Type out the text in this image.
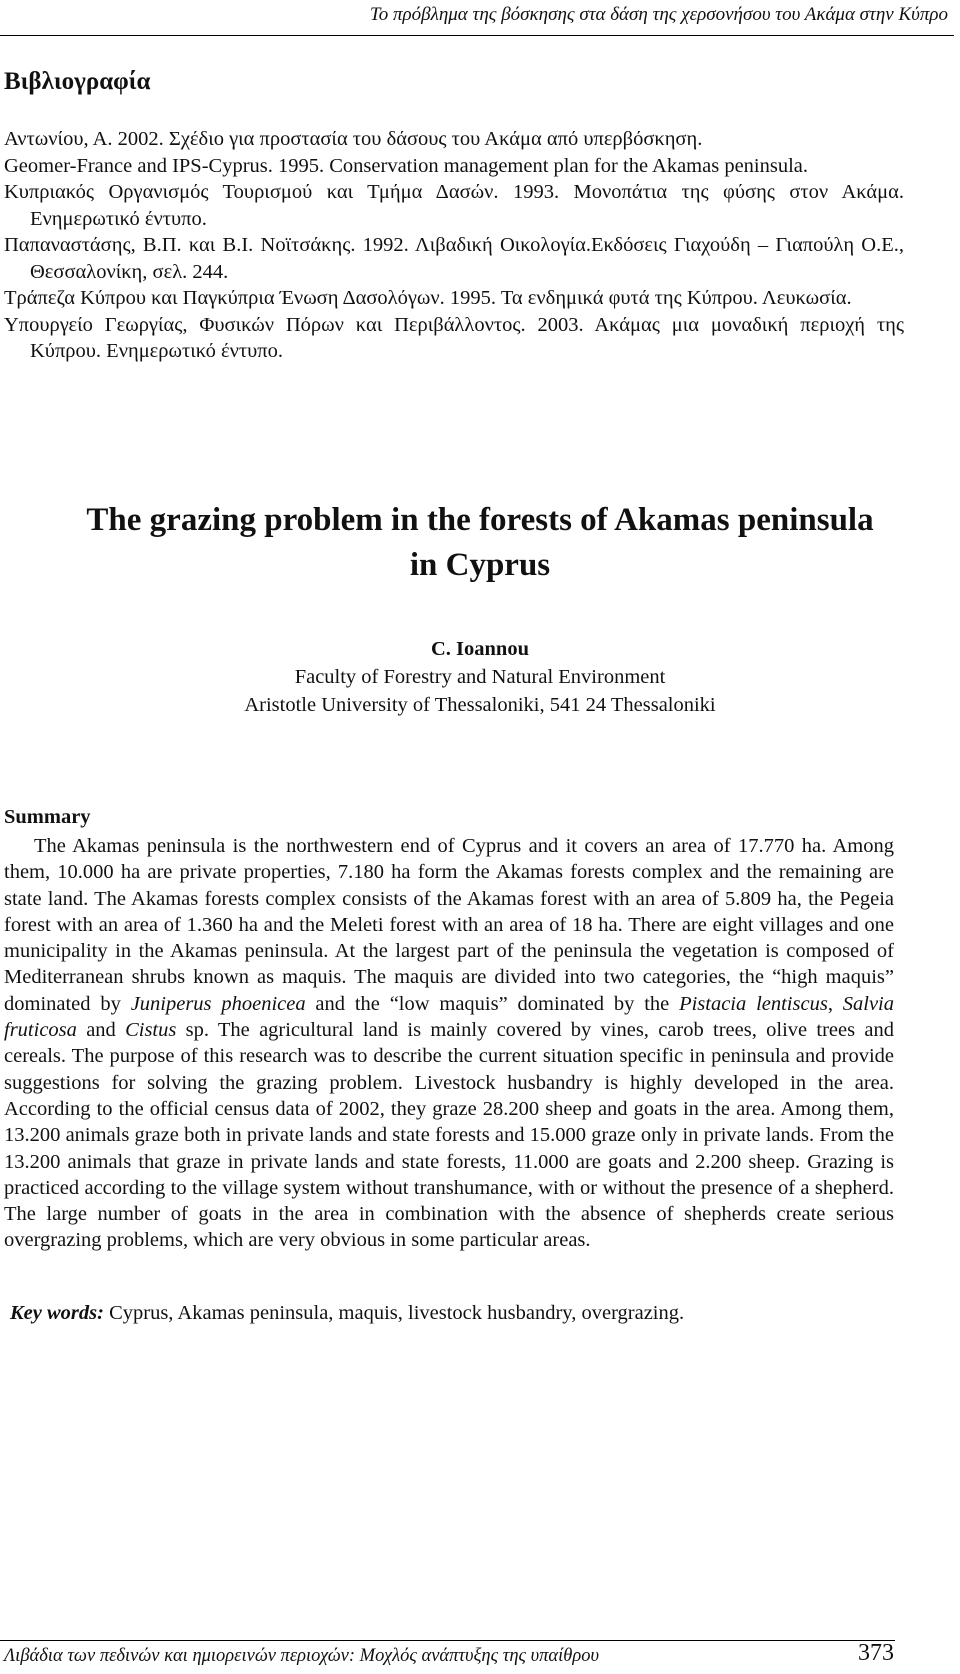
Το πρόβλημα της βόσκησης στα δάση της χερσονήσου του Ακάμα στην Κύπρο
Βιβλιογραφία

Αντωνίου, Α. 2002. Σχέδιο για προστασία του δάσους του Ακάμα από υπερβόσκηση.

Geomer-France and IPS-Cyprus. 1995. Conservation management plan for the Akamas peninsula.

Κυπριακός Οργανισμός Τουρισμού και Τμήμα Δασών. 1993. Μονοπάτια της φύσης στον Ακάμα. Ενημερωτικό έντυπο.

Παπαναστάσης, Β.Π. και Β.Ι. Νοϊτσάκης. 1992. Λιβαδική Οικολογία.Εκδόσεις Γιαχούδη – Γιαπούλη Ο.Ε., Θεσσαλονίκη, σελ. 244.

Τράπεζα Κύπρου και Παγκύπρια Ένωση Δασολόγων. 1995. Τα ενδημικά φυτά της Κύπρου. Λευκωσία.

Υπουργείο Γεωργίας, Φυσικών Πόρων και Περιβάλλοντος. 2003. Ακάμας μια μοναδική περιοχή της Κύπρου. Ενημερωτικό έντυπο.

The grazing problem in the forests of Akamas peninsula
in Cyprus
C. Ioannou
Faculty of Forestry and Natural Environment
Aristotle University of Thessaloniki, 541 24 Thessaloniki
Summary

The Akamas peninsula is the northwestern end of Cyprus and it covers an area of 17.770 ha. Among them, 10.000 ha are private properties, 7.180 ha form the Akamas forests complex and the remaining are state land. The Akamas forests complex consists of the Akamas forest with an area of 5.809 ha, the Pegeia forest with an area of 1.360 ha and the Meleti forest with an area of 18 ha. There are eight villages and one municipality in the Akamas peninsula. At the largest part of the peninsula the vegetation is composed of Mediterranean shrubs known as maquis. The maquis are divided into two categories, the “high maquis” dominated by Juniperus phoenicea and the “low maquis” dominated by the Pistacia lentiscus, Salvia fruticosa and Cistus sp. The agricultural land is mainly covered by vines, carob trees, olive trees and cereals. The purpose of this research was to describe the current situation specific in peninsula and provide suggestions for solving the grazing problem. Livestock husbandry is highly developed in the area. According to the official census data of 2002, they graze 28.200 sheep and goats in the area. Among them, 13.200 animals graze both in private lands and state forests and 15.000 graze only in private lands. From the 13.200 animals that graze in private lands and state forests, 11.000 are goats and 2.200 sheep. Grazing is practiced according to the village system without transhumance, with or without the presence of a shepherd. The large number of goats in the area in combination with the absence of shepherds create serious overgrazing problems, which are very obvious in some particular areas.

Key words: Cyprus, Akamas peninsula, maquis, livestock husbandry, overgrazing.
Λιβάδια των πεδινών και ημιορεινών περιοχών: Μοχλός ανάπτυξης της υπαίθρου	373
